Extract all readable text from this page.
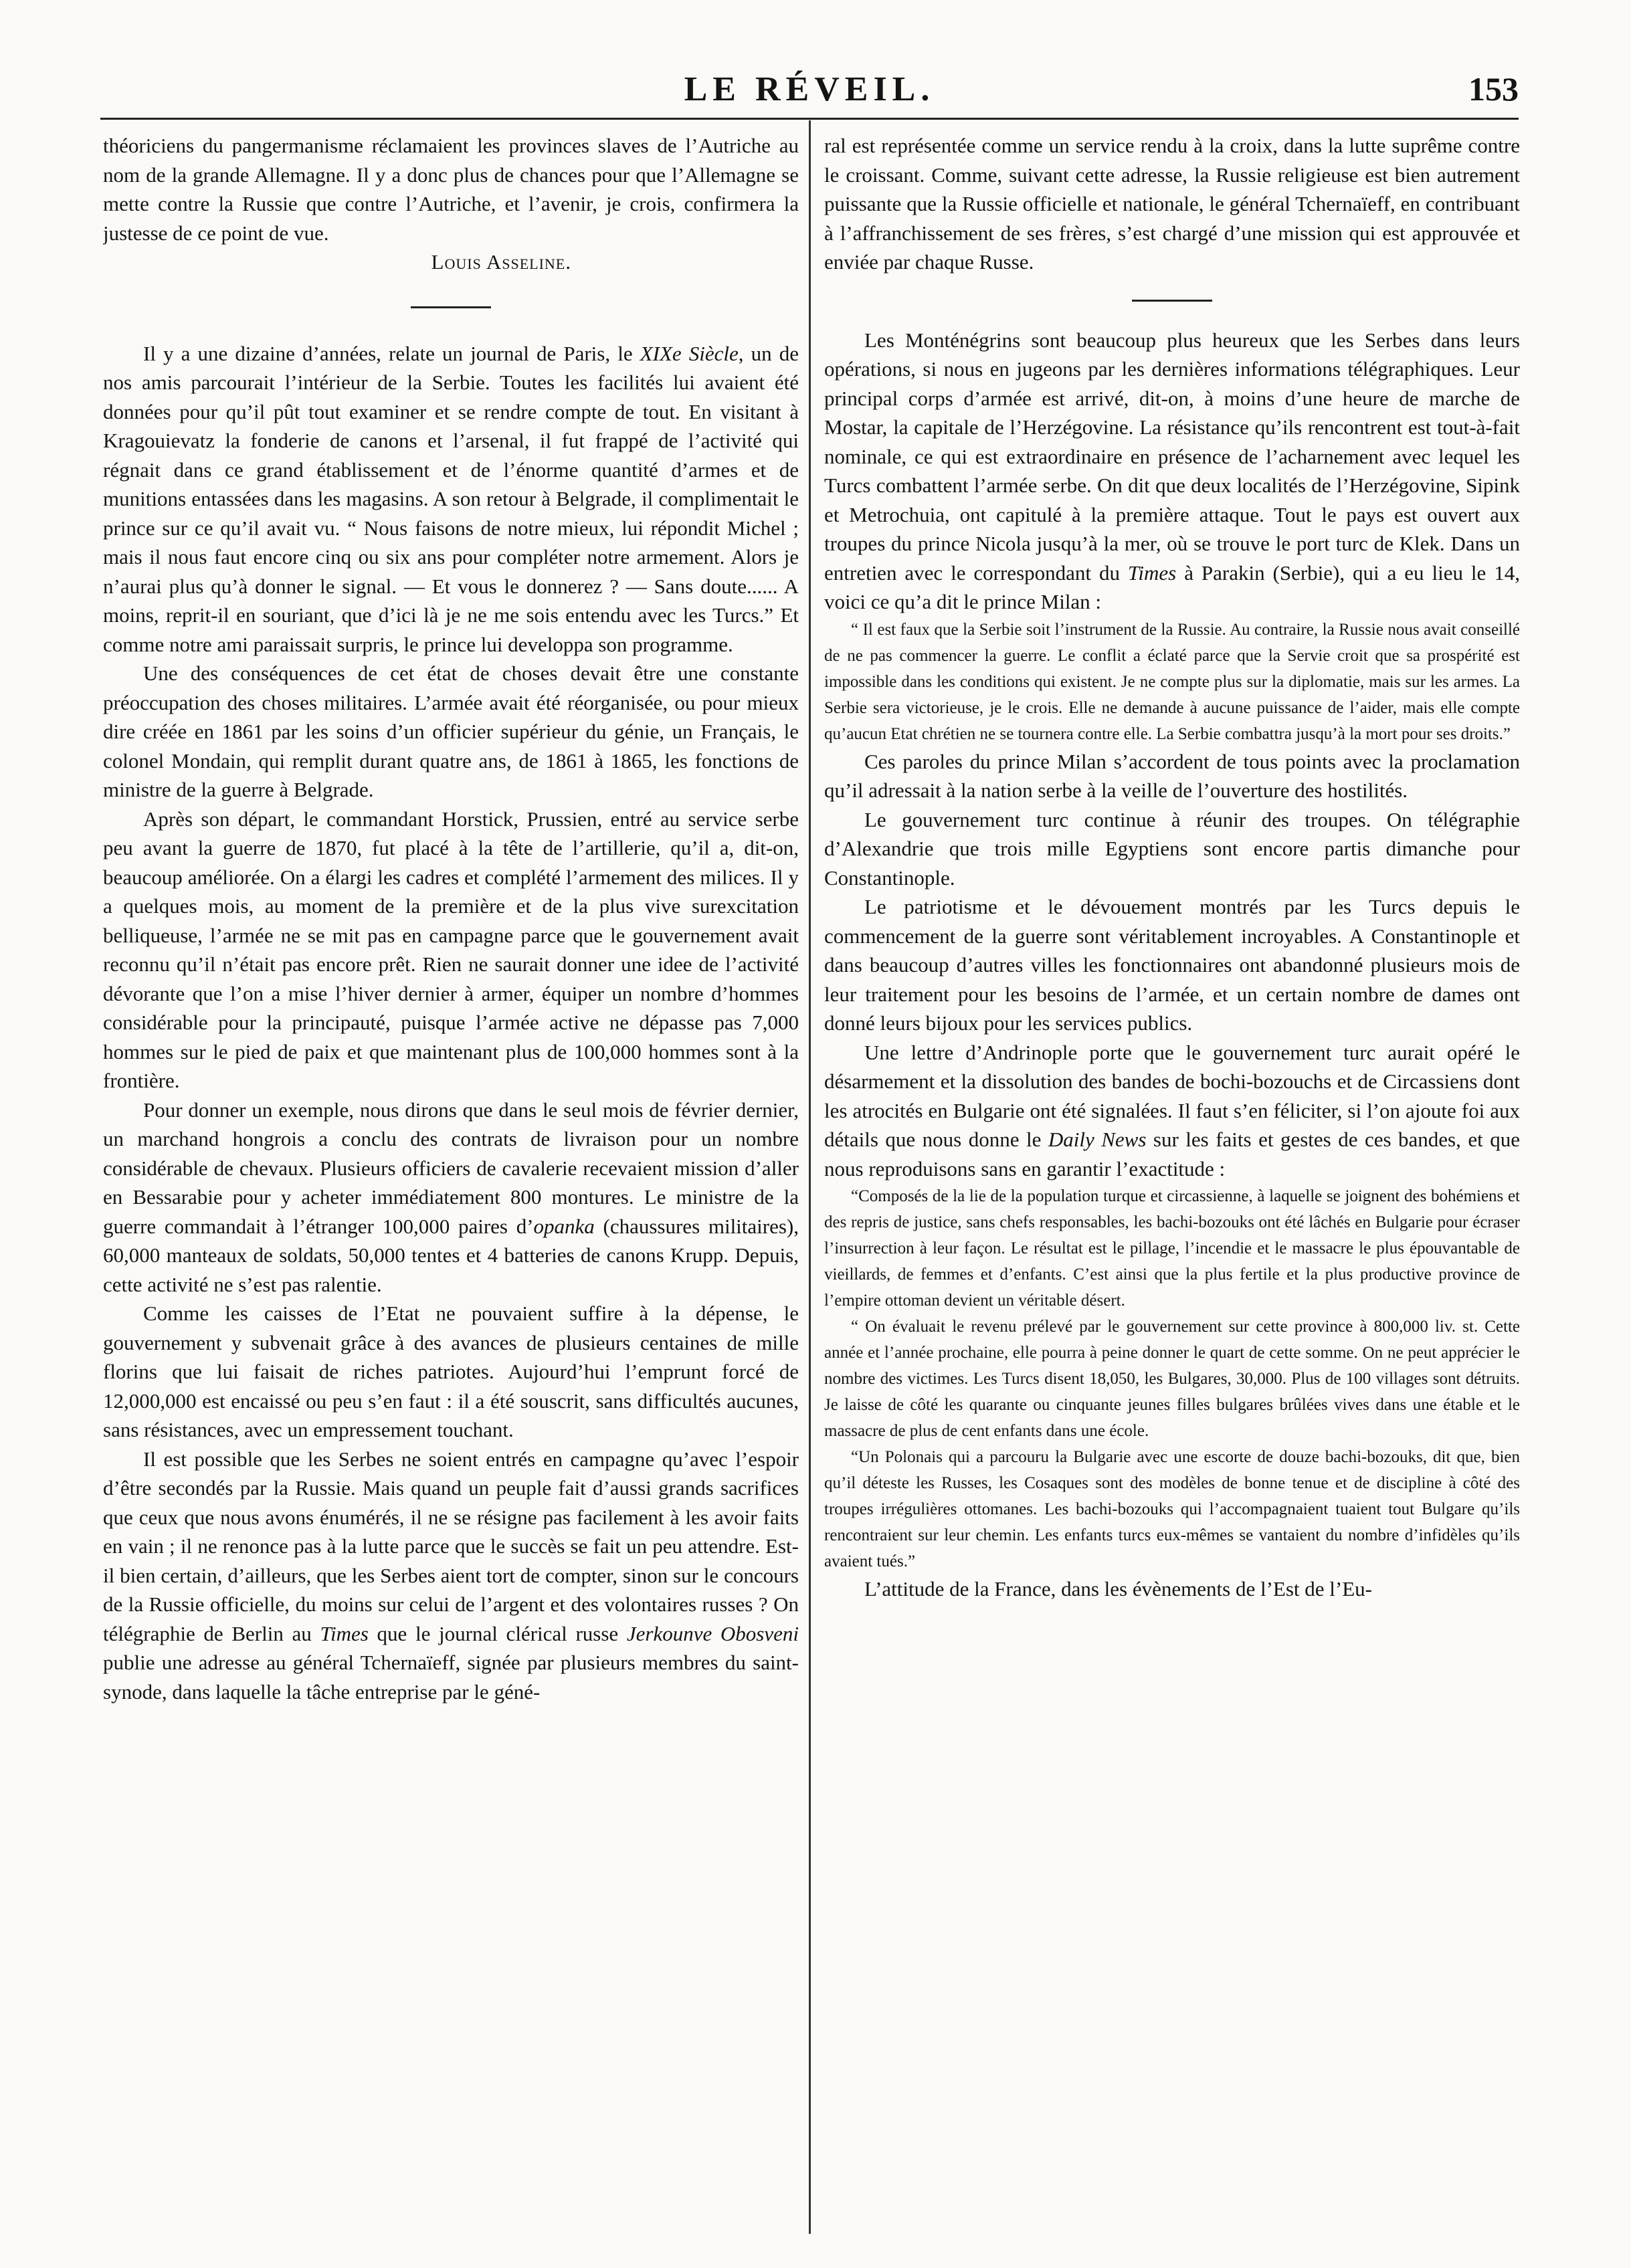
LE RÉVEIL.	153

théoriciens du pangermanisme réclamaient les provinces slaves de l’Autriche au nom de la grande Allemagne. Il y a donc plus de chances pour que l’Allemagne se mette contre la Russie que contre l’Autriche, et l’avenir, je crois, confirmera la justesse de ce point de vue.

Louis Asseline.

Il y a une dizaine d’années, relate un journal de Paris, le XIXe Siècle, un de nos amis parcourait l’intérieur de la Serbie. Toutes les facilités lui avaient été données pour qu’il pût tout examiner et se rendre compte de tout. En visitant à Kragouievatz la fonderie de canons et l’arsenal, il fut frappé de l’activité qui régnait dans ce grand établissement et de l’énorme quantité d’armes et de munitions entassées dans les magasins. A son retour à Belgrade, il complimentait le prince sur ce qu’il avait vu. “ Nous faisons de notre mieux, lui répondit Michel ; mais il nous faut encore cinq ou six ans pour compléter notre armement. Alors je n’aurai plus qu’à donner le signal. — Et vous le donnerez ? — Sans doute...... A moins, reprit-il en souriant, que d’ici là je ne me sois entendu avec les Turcs.” Et comme notre ami paraissait surpris, le prince lui developpa son programme.

Une des conséquences de cet état de choses devait être une constante préoccupation des choses militaires. L’armée avait été réorganisée, ou pour mieux dire créée en 1861 par les soins d’un officier supérieur du génie, un Français, le colonel Mondain, qui remplit durant quatre ans, de 1861 à 1865, les fonctions de ministre de la guerre à Belgrade.

Après son départ, le commandant Horstick, Prussien, entré au service serbe peu avant la guerre de 1870, fut placé à la tête de l’artillerie, qu’il a, dit-on, beaucoup améliorée. On a élargi les cadres et complété l’armement des milices. Il y a quelques mois, au moment de la première et de la plus vive surexcitation belliqueuse, l’armée ne se mit pas en campagne parce que le gouvernement avait reconnu qu’il n’était pas encore prêt. Rien ne saurait donner une idee de l’activité dévorante que l’on a mise l’hiver dernier à armer, équiper un nombre d’hommes considérable pour la principauté, puisque l’armée active ne dépasse pas 7,000 hommes sur le pied de paix et que maintenant plus de 100,000 hommes sont à la frontière.

Pour donner un exemple, nous dirons que dans le seul mois de février dernier, un marchand hongrois a conclu des contrats de livraison pour un nombre considérable de chevaux. Plusieurs officiers de cavalerie recevaient mission d’aller en Bessarabie pour y acheter immédiatement 800 montures. Le ministre de la guerre commandait à l’étranger 100,000 paires d’opanka (chaussures militaires), 60,000 manteaux de soldats, 50,000 tentes et 4 batteries de canons Krupp. Depuis, cette activité ne s’est pas ralentie.

Comme les caisses de l’Etat ne pouvaient suffire à la dépense, le gouvernement y subvenait grâce à des avances de plusieurs centaines de mille florins que lui faisait de riches patriotes. Aujourd’hui l’emprunt forcé de 12,000,000 est encaissé ou peu s’en faut : il a été souscrit, sans difficultés aucunes, sans résistances, avec un empressement touchant.

Il est possible que les Serbes ne soient entrés en campagne qu’avec l’espoir d’être secondés par la Russie. Mais quand un peuple fait d’aussi grands sacrifices que ceux que nous avons énumérés, il ne se résigne pas facilement à les avoir faits en vain ; il ne renonce pas à la lutte parce que le succès se fait un peu attendre. Est-il bien certain, d’ailleurs, que les Serbes aient tort de compter, sinon sur le concours de la Russie officielle, du moins sur celui de l’argent et des volontaires russes ? On télégraphie de Berlin au Times que le journal clérical russe Jerkounve Obosveni publie une adresse au général Tchernaïeff, signée par plusieurs membres du saint-synode, dans laquelle la tâche entreprise par le géné-

ral est représentée comme un service rendu à la croix, dans la lutte suprême contre le croissant. Comme, suivant cette adresse, la Russie religieuse est bien autrement puissante que la Russie officielle et nationale, le général Tchernaïeff, en contribuant à l’affranchissement de ses frères, s’est chargé d’une mission qui est approuvée et enviée par chaque Russe.

Les Monténégrins sont beaucoup plus heureux que les Serbes dans leurs opérations, si nous en jugeons par les dernières informations télégraphiques. Leur principal corps d’armée est arrivé, dit-on, à moins d’une heure de marche de Mostar, la capitale de l’Herzégovine. La résistance qu’ils rencontrent est tout-à-fait nominale, ce qui est extraordinaire en présence de l’acharnement avec lequel les Turcs combattent l’armée serbe. On dit que deux localités de l’Herzégovine, Sipink et Metrochuia, ont capitulé à la première attaque. Tout le pays est ouvert aux troupes du prince Nicola jusqu’à la mer, où se trouve le port turc de Klek. Dans un entretien avec le correspondant du Times à Parakin (Serbie), qui a eu lieu le 14, voici ce qu’a dit le prince Milan :

“ Il est faux que la Serbie soit l’instrument de la Russie. Au contraire, la Russie nous avait conseillé de ne pas commencer la guerre. Le conflit a éclaté parce que la Servie croit que sa prospérité est impossible dans les conditions qui existent. Je ne compte plus sur la diplomatie, mais sur les armes. La Serbie sera victorieuse, je le crois. Elle ne demande à aucune puissance de l’aider, mais elle compte qu’aucun Etat chrétien ne se tournera contre elle. La Serbie combattra jusqu’à la mort pour ses droits.”

Ces paroles du prince Milan s’accordent de tous points avec la proclamation qu’il adressait à la nation serbe à la veille de l’ouverture des hostilités.

Le gouvernement turc continue à réunir des troupes. On télégraphie d’Alexandrie que trois mille Egyptiens sont encore partis dimanche pour Constantinople.

Le patriotisme et le dévouement montrés par les Turcs depuis le commencement de la guerre sont véritablement incroyables. A Constantinople et dans beaucoup d’autres villes les fonctionnaires ont abandonné plusieurs mois de leur traitement pour les besoins de l’armée, et un certain nombre de dames ont donné leurs bijoux pour les services publics.

Une lettre d’Andrinople porte que le gouvernement turc aurait opéré le désarmement et la dissolution des bandes de bochi-bozouchs et de Circassiens dont les atrocités en Bulgarie ont été signalées. Il faut s’en féliciter, si l’on ajoute foi aux détails que nous donne le Daily News sur les faits et gestes de ces bandes, et que nous reproduisons sans en garantir l’exactitude :

“Composés de la lie de la population turque et circassienne, à laquelle se joignent des bohémiens et des repris de justice, sans chefs responsables, les bachi-bozouks ont été lâchés en Bulgarie pour écraser l’insurrection à leur façon. Le résultat est le pillage, l’incendie et le massacre le plus épouvantable de vieillards, de femmes et d’enfants. C’est ainsi que la plus fertile et la plus productive province de l’empire ottoman devient un véritable désert.

“ On évaluait le revenu prélevé par le gouvernement sur cette province à 800,000 liv. st. Cette année et l’année prochaine, elle pourra à peine donner le quart de cette somme. On ne peut apprécier le nombre des victimes. Les Turcs disent 18,050, les Bulgares, 30,000. Plus de 100 villages sont détruits. Je laisse de côté les quarante ou cinquante jeunes filles bulgares brûlées vives dans une étable et le massacre de plus de cent enfants dans une école.

“Un Polonais qui a parcouru la Bulgarie avec une escorte de douze bachi-bozouks, dit que, bien qu’il déteste les Russes, les Cosaques sont des modèles de bonne tenue et de discipline à côté des troupes irrégulières ottomanes. Les bachi-bozouks qui l’accompagnaient tuaient tout Bulgare qu’ils rencontraient sur leur chemin. Les enfants turcs eux-mêmes se vantaient du nombre d’infidèles qu’ils avaient tués.”

L’attitude de la France, dans les évènements de l’Est de l’Eu-
